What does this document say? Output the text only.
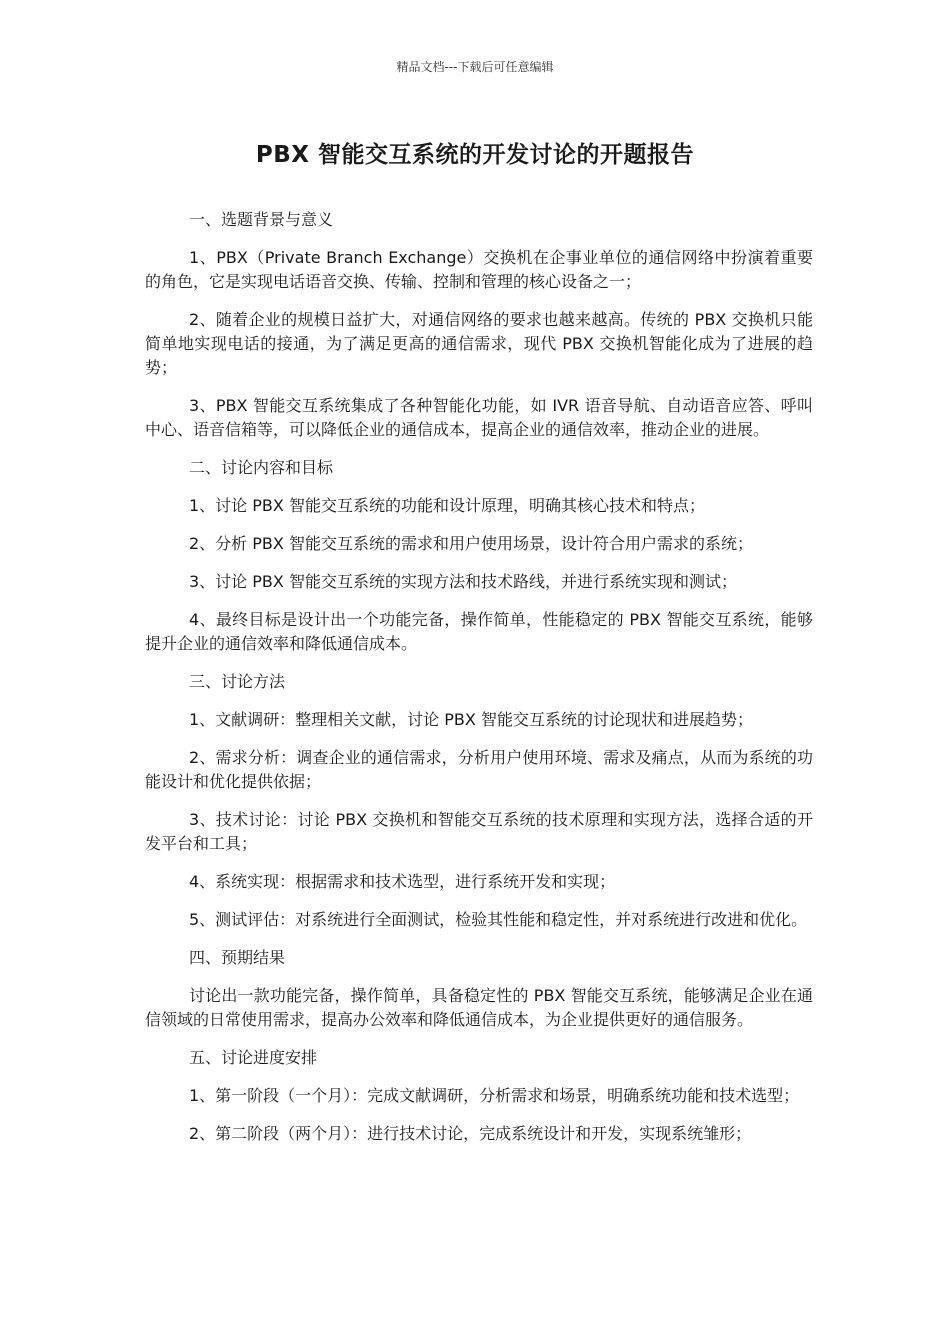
精品文档---下载后可任意编辑
PBX 智能交互系统的开发讨论的开题报告

一、选题背景与意义

1、PBX（Private Branch Exchange）交换机在企事业单位的通信网络中扮演着重要的角色，它是实现电话语音交换、传输、控制和管理的核心设备之一；

2、随着企业的规模日益扩大，对通信网络的要求也越来越高。传统的 PBX 交换机只能简单地实现电话的接通，为了满足更高的通信需求，现代 PBX 交换机智能化成为了进展的趋势；

3、PBX 智能交互系统集成了各种智能化功能，如 IVR 语音导航、自动语音应答、呼叫中心、语音信箱等，可以降低企业的通信成本，提高企业的通信效率，推动企业的进展。

二、讨论内容和目标

1、讨论 PBX 智能交互系统的功能和设计原理，明确其核心技术和特点；

2、分析 PBX 智能交互系统的需求和用户使用场景，设计符合用户需求的系统；

3、讨论 PBX 智能交互系统的实现方法和技术路线，并进行系统实现和测试；

4、最终目标是设计出一个功能完备，操作简单，性能稳定的 PBX 智能交互系统，能够提升企业的通信效率和降低通信成本。

三、讨论方法

1、文献调研：整理相关文献，讨论 PBX 智能交互系统的讨论现状和进展趋势；

2、需求分析：调查企业的通信需求，分析用户使用环境、需求及痛点，从而为系统的功能设计和优化提供依据；

3、技术讨论：讨论 PBX 交换机和智能交互系统的技术原理和实现方法，选择合适的开发平台和工具；

4、系统实现：根据需求和技术选型，进行系统开发和实现；

5、测试评估：对系统进行全面测试，检验其性能和稳定性，并对系统进行改进和优化。

四、预期结果

讨论出一款功能完备，操作简单，具备稳定性的 PBX 智能交互系统，能够满足企业在通信领域的日常使用需求，提高办公效率和降低通信成本，为企业提供更好的通信服务。

五、讨论进度安排

1、第一阶段（一个月）：完成文献调研，分析需求和场景，明确系统功能和技术选型；

2、第二阶段（两个月）：进行技术讨论，完成系统设计和开发，实现系统雏形；
